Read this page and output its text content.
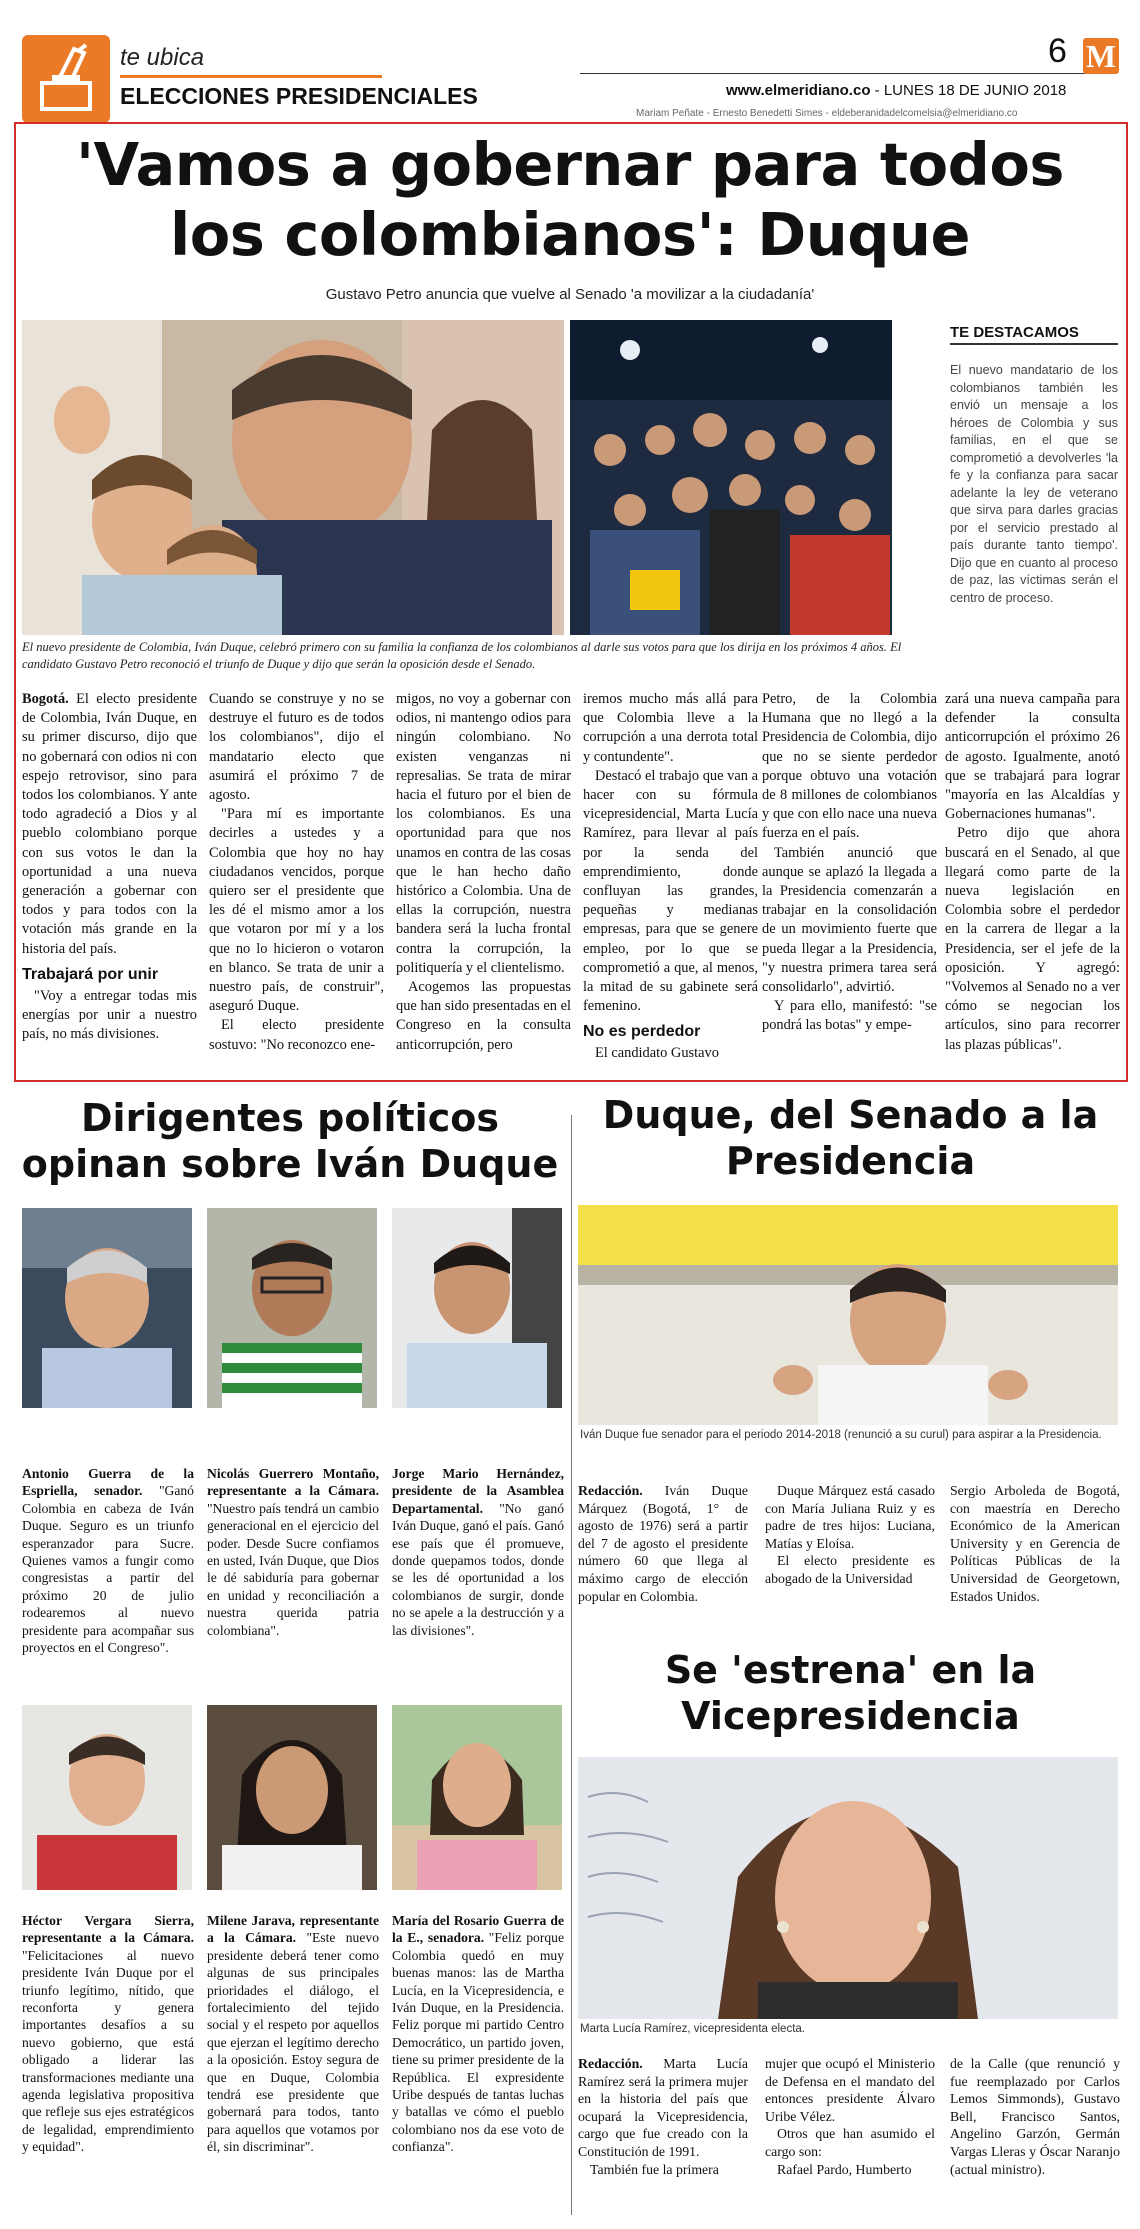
te ubica
ELECCIONES PRESIDENCIALES
6 M
www.elmeridiano.co - LUNES 18 DE JUNIO 2018
Mariam Peñate - Ernesto Benedetti Simes - eldeberanidadelcomelsia@elmeridiano.co
'Vamos a gobernar para todos los colombianos': Duque
Gustavo Petro anuncia que vuelve al Senado 'a movilizar a la ciudadanía'
El nuevo presidente de Colombia, Iván Duque, celebró primero con su familia la confianza de los colombianos al darle sus votos para que los dirija en los próximos 4 años. El candidato Gustavo Petro reconoció el triunfo de Duque y dijo que serán la oposición desde el Senado.
TE DESTACAMOS
El nuevo mandatario de los colombianos también les envió un mensaje a los héroes de Colombia y sus familias, en el que se comprometió a devolverles 'la fe y la confianza para sacar adelante la ley de veterano que sirva para darles gracias por el servicio prestado al país durante tanto tiempo'. Dijo que en cuanto al proceso de paz, las víctimas serán el centro de proceso.

Bogotá. El electo presidente de Colombia, Iván Duque, en su primer discurso, dijo que no gobernará con odios ni con espejo retrovisor, sino para todos los colombianos. Y ante todo agradeció a Dios y al pueblo colombiano porque con sus votos le dan la oportunidad a una nueva generación a gobernar con todos y para todos con la votación más grande en la historia del país.

Trabajará por unir

"Voy a entregar todas mis energías por unir a nuestro país, no más divisiones.

Cuando se construye y no se destruye el futuro es de todos los colombianos", dijo el mandatario electo que asumirá el próximo 7 de agosto.

"Para mí es importante decirles a ustedes y a Colombia que hoy no hay ciudadanos vencidos, porque quiero ser el presidente que les dé el mismo amor a los que votaron por mí y a los que no lo hicieron o votaron en blanco. Se trata de unir a nuestro país, de construir", aseguró Duque.

El electo presidente sostuvo: "No reconozco ene-

migos, no voy a gobernar con odios, ni mantengo odios para ningún colombiano. No existen venganzas ni represalias. Se trata de mirar hacia el futuro por el bien de los colombianos. Es una oportunidad para que nos unamos en contra de las cosas que le han hecho daño histórico a Colombia. Una de ellas la corrupción, nuestra bandera será la lucha frontal contra la corrupción, la politiquería y el clientelismo.

Acogemos las propuestas que han sido presentadas en el Congreso en la consulta anticorrupción, pero

iremos mucho más allá para que Colombia lleve a la corrupción a una derrota total y contundente".

Destacó el trabajo que van a hacer con su fórmula vicepresidencial, Marta Lucía Ramírez, para llevar al país por la senda del emprendimiento, donde confluyan las grandes, pequeñas y medianas empresas, para que se genere empleo, por lo que se comprometió a que, al menos, la mitad de su gabinete será femenino.

No es perdedor

El candidato Gustavo

Petro, de la Colombia Humana que no llegó a la Presidencia de Colombia, dijo que no se siente perdedor porque obtuvo una votación de 8 millones de colombianos y que con ello nace una nueva fuerza en el país.

También anunció que aunque se aplazó la llegada a la Presidencia comenzarán a trabajar en la consolidación de un movimiento fuerte que pueda llegar a la Presidencia, "y nuestra primera tarea será consolidarlo", advirtió.

Y para ello, manifestó: "se pondrá las botas" y empe-

zará una nueva campaña para defender la consulta anticorrupción el próximo 26 de agosto. Igualmente, anotó que se trabajará para lograr "mayoría en las Alcaldías y Gobernaciones humanas".

Petro dijo que ahora buscará en el Senado, al que llegará como parte de la nueva legislación en Colombia sobre el perdedor en la carrera de llegar a la Presidencia, ser el jefe de la oposición. Y agregó: "Volvemos al Senado no a ver cómo se negocian los artículos, sino para recorrer las plazas públicas".

Dirigentes políticos opinan sobre Iván Duque
Duque, del Senado a la Presidencia
Antonio Guerra de la Espriella, senador. "Ganó Colombia en cabeza de Iván Duque. Seguro es un triunfo esperanzador para Sucre. Quienes vamos a fungir como congresistas a partir del próximo 20 de julio rodearemos al nuevo presidente para acompañar sus proyectos en el Congreso".
Nicolás Guerrero Montaño, representante a la Cámara. "Nuestro país tendrá un cambio generacional en el ejercicio del poder. Desde Sucre confiamos en usted, Iván Duque, que Dios le dé sabiduría para gobernar en unidad y reconciliación a nuestra querida patria colombiana".
Jorge Mario Hernández, presidente de la Asamblea Departamental. "No ganó Iván Duque, ganó el país. Ganó ese país que él promueve, donde quepamos todos, donde se les dé oportunidad a los colombianos de surgir, donde no se apele a la destrucción y a las divisiones".
Héctor Vergara Sierra, representante a la Cámara. "Felicitaciones al nuevo presidente Iván Duque por el triunfo legítimo, nítido, que reconforta y genera importantes desafíos a su nuevo gobierno, que está obligado a liderar las transformaciones mediante una agenda legislativa propositiva que refleje sus ejes estratégicos de legalidad, emprendimiento y equidad".
Milene Jarava, representante a la Cámara. "Este nuevo presidente deberá tener como algunas de sus principales prioridades el diálogo, el fortalecimiento del tejido social y el respeto por aquellos que ejerzan el legítimo derecho a la oposición. Estoy segura de que en Duque, Colombia tendrá ese presidente que gobernará para todos, tanto para aquellos que votamos por él, sin discriminar".
María del Rosario Guerra de la E., senadora. "Feliz porque Colombia quedó en muy buenas manos: las de Martha Lucía, en la Vicepresidencia, e Iván Duque, en la Presidencia. Feliz porque mi partido Centro Democrático, un partido joven, tiene su primer presidente de la República. El expresidente Uribe después de tantas luchas y batallas ve cómo el pueblo colombiano nos da ese voto de confianza".
Iván Duque fue senador para el periodo 2014-2018 (renunció a su curul) para aspirar a la Presidencia.

Redacción. Iván Duque Márquez (Bogotá, 1° de agosto de 1976) será a partir del 7 de agosto el presidente número 60 que llega al máximo cargo de elección popular en Colombia.

Duque Márquez está casado con María Juliana Ruiz y es padre de tres hijos: Luciana, Matías y Eloísa.

El electo presidente es abogado de la Universidad

Sergio Arboleda de Bogotá, con maestría en Derecho Económico de la American University y en Gerencia de Políticas Públicas de la Universidad de Georgetown, Estados Unidos.

Se 'estrena' en la Vicepresidencia
Marta Lucía Ramírez, vicepresidenta electa.

Redacción. Marta Lucía Ramírez será la primera mujer en la historia del país que ocupará la Vicepresidencia, cargo que fue creado con la Constitución de 1991.

También fue la primera

mujer que ocupó el Ministerio de Defensa en el mandato del entonces presidente Álvaro Uribe Vélez.

Otros que han asumido el cargo son:

Rafael Pardo, Humberto

de la Calle (que renunció y fue reemplazado por Carlos Lemos Simmonds), Gustavo Bell, Francisco Santos, Angelino Garzón, Germán Vargas Lleras y Óscar Naranjo (actual ministro).
